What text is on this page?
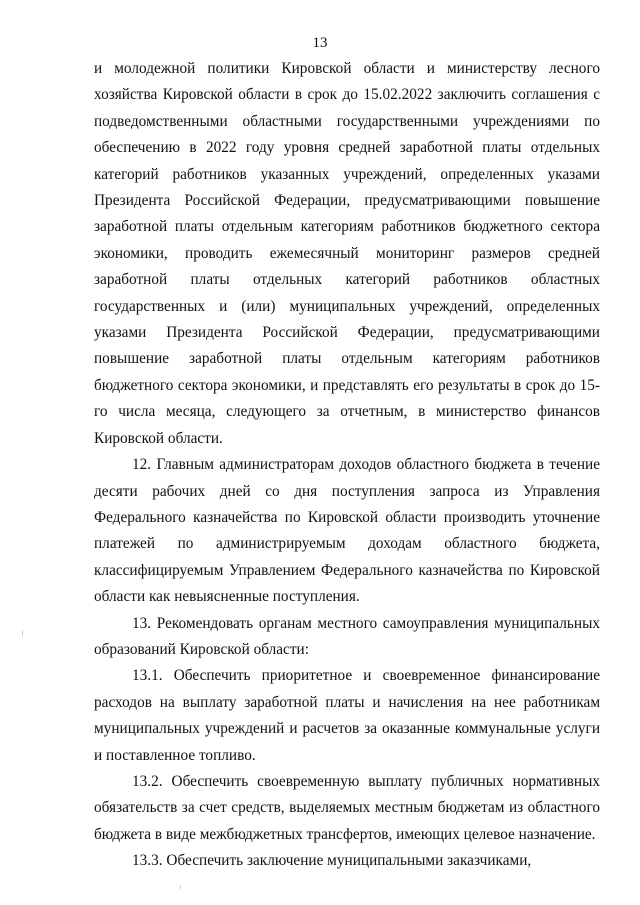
13

и молодежной политики Кировской области и министерству лесного хозяйства Кировской области в срок до 15.02.2022 заключить соглашения с подведомственными областными государственными учреждениями по обеспечению в 2022 году уровня средней заработной платы отдельных категорий работников указанных учреждений, определенных указами Президента Российской Федерации, предусматривающими повышение заработной платы отдельным категориям работников бюджетного сектора экономики, проводить ежемесячный мониторинг размеров средней заработной платы отдельных категорий работников областных государственных и (или) муниципальных учреждений, определенных указами Президента Российской Федерации, предусматривающими повышение заработной платы отдельным категориям работников бюджетного сектора экономики, и представлять его результаты в срок до 15-го числа месяца, следующего за отчетным, в министерство финансов Кировской области.

12. Главным администраторам доходов областного бюджета в течение десяти рабочих дней со дня поступления запроса из Управления Федерального казначейства по Кировской области производить уточнение платежей по администрируемым доходам областного бюджета, классифицируемым Управлением Федерального казначейства по Кировской области как невыясненные поступления.

13. Рекомендовать органам местного самоуправления муниципальных образований Кировской области:

13.1. Обеспечить приоритетное и своевременное финансирование расходов на выплату заработной платы и начисления на нее работникам муниципальных учреждений и расчетов за оказанные коммунальные услуги и поставленное топливо.

13.2. Обеспечить своевременную выплату публичных нормативных обязательств за счет средств, выделяемых местным бюджетам из областного бюджета в виде межбюджетных трансфертов, имеющих целевое назначение.

13.3. Обеспечить заключение муниципальными заказчиками,
